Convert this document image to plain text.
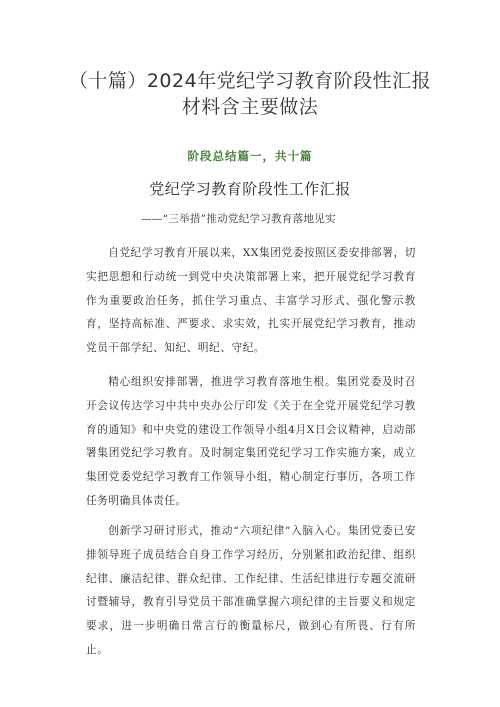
（十篇）2024年党纪学习教育阶段性汇报
材料含主要做法
阶段总结篇一，共十篇
党纪学习教育阶段性工作汇报
——“三举措”推动党纪学习教育落地见实

自党纪学习教育开展以来，XX集团党委按照区委安排部署，切实把思想和行动统一到党中央决策部署上来，把开展党纪学习教育作为重要政治任务，抓住学习重点、丰富学习形式、强化警示教育，坚持高标准、严要求、求实效，扎实开展党纪学习教育，推动党员干部学纪、知纪、明纪、守纪。

精心组织安排部署，推进学习教育落地生根。集团党委及时召开会议传达学习中共中央办公厅印发《关于在全党开展党纪学习教育的通知》和中央党的建设工作领导小组4月X日会议精神，启动部署集团党纪学习教育。及时制定集团党纪学习工作实施方案，成立集团党委党纪学习教育工作领导小组，精心制定行事历，各项工作任务明确具体责任。

创新学习研讨形式，推动“六项纪律”入脑入心。集团党委已安排领导班子成员结合自身工作学习经历，分别紧扣政治纪律、组织纪律、廉洁纪律、群众纪律、工作纪律、生活纪律进行专题交流研讨暨辅导，教育引导党员干部准确掌握六项纪律的主旨要义和规定要求，进一步明确日常言行的衡量标尺，做到心有所畏、行有所止。
